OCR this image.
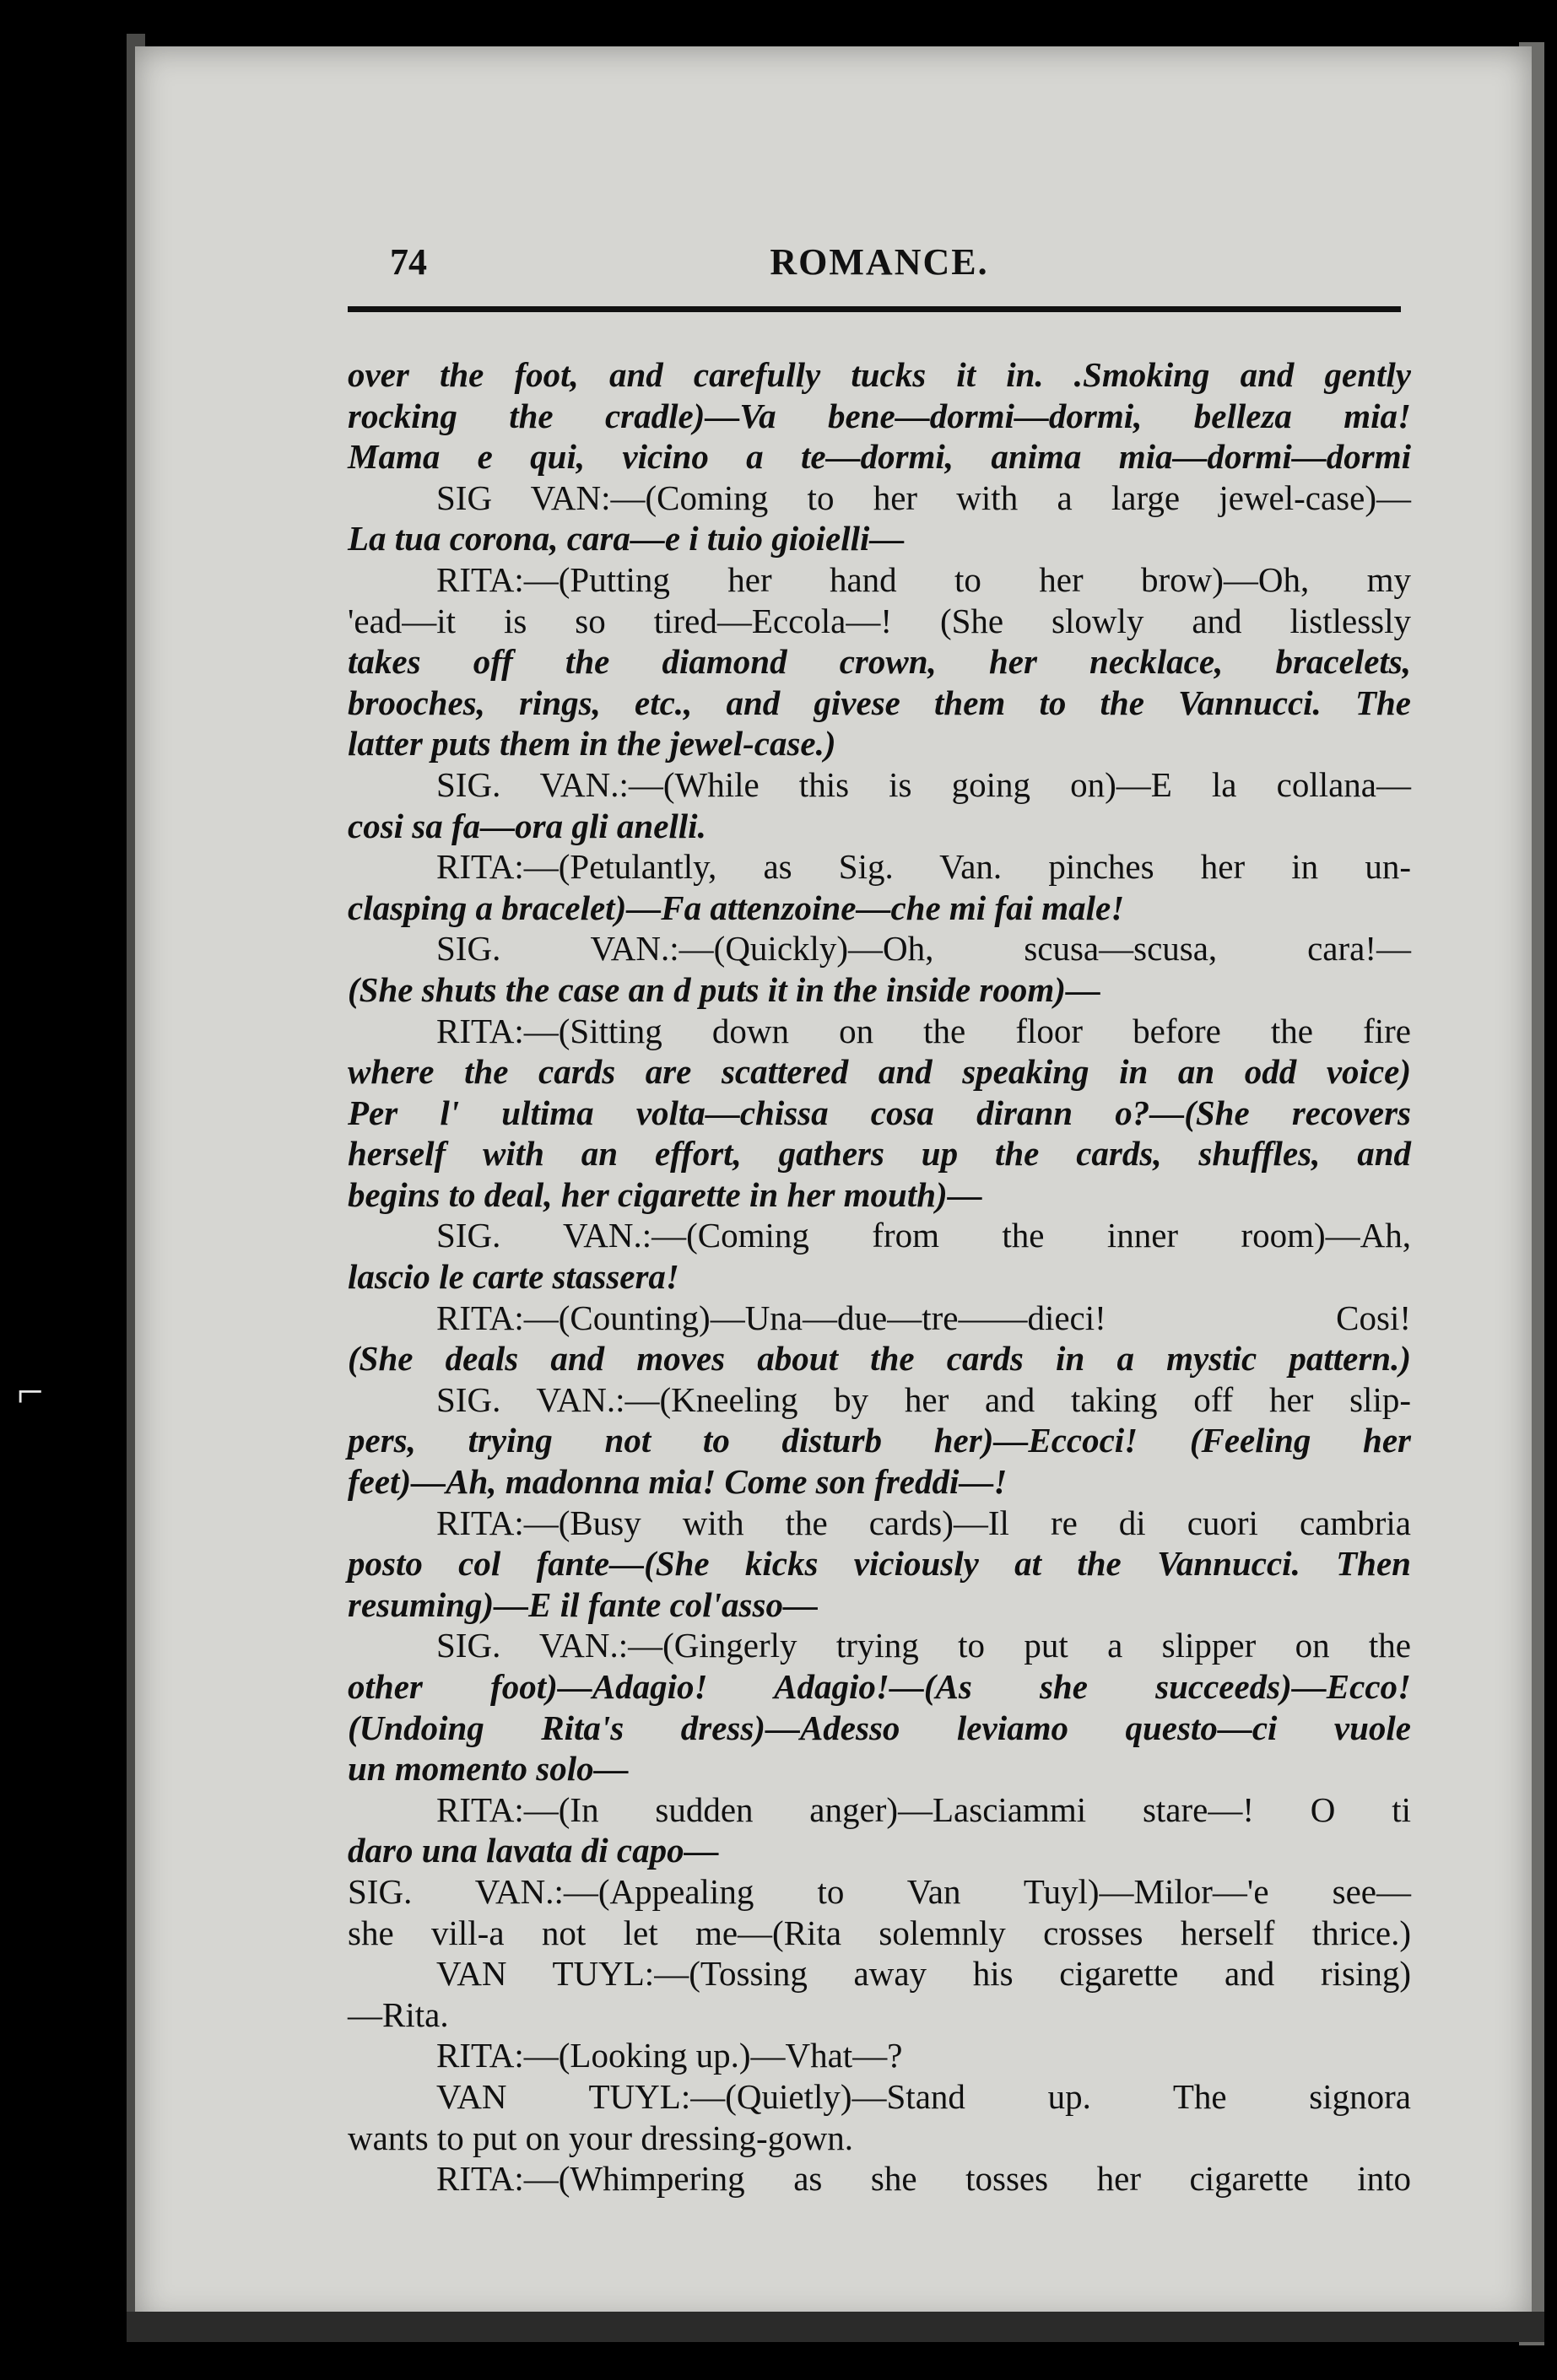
⌐
74	ROMANCE.
over the foot, and carefully tucks it in. .Smoking and gently
rocking the cradle)—Va bene—dormi—dormi, belleza mia!
Mama e qui, vicino a te—dormi, anima mia—dormi—dormi
SIG VAN:—(Coming to her with a large jewel-case)—
La tua corona, cara—e i tuio gioielli—
RITA:—(Putting her hand to her brow)—Oh, my
'ead—it is so tired—Eccola—! (She slowly and listlessly
takes off the diamond crown, her necklace, bracelets,
brooches, rings, etc., and givese them to the Vannucci. The
latter puts them in the jewel-case.)
SIG. VAN.:—(While this is going on)—E la collana—
cosi sa fa—ora gli anelli.
RITA:—(Petulantly, as Sig. Van. pinches her in un-
clasping a bracelet)—Fa attenzoine—che mi fai male!
SIG. VAN.:—(Quickly)—Oh, scusa—scusa, cara!—
(She shuts the case an d puts it in the inside room)—
RITA:—(Sitting down on the floor before the fire
where the cards are scattered and speaking in an odd voice)
Per l' ultima volta—chissa cosa dirann o?—(She recovers
herself with an effort, gathers up the cards, shuffles, and
begins to deal, her cigarette in her mouth)—
SIG. VAN.:—(Coming from the inner room)—Ah,
lascio le carte stassera!
RITA:—(Counting)—Una—due—tre——dieci! Cosi!
(She deals and moves about the cards in a mystic pattern.)
SIG. VAN.:—(Kneeling by her and taking off her slip-
pers, trying not to disturb her)—Eccoci! (Feeling her
feet)—Ah, madonna mia! Come son freddi—!
RITA:—(Busy with the cards)—Il re di cuori cambria
posto col fante—(She kicks viciously at the Vannucci. Then
resuming)—E il fante col'asso—
SIG. VAN.:—(Gingerly trying to put a slipper on the
other foot)—Adagio! Adagio!—(As she succeeds)—Ecco!
(Undoing Rita's dress)—Adesso leviamo questo—ci vuole
un momento solo—
RITA:—(In sudden anger)—Lasciammi stare—! O ti
daro una lavata di capo—
SIG. VAN.:—(Appealing to Van Tuyl)—Milor—'e see—
she vill-a not let me—(Rita solemnly crosses herself thrice.)
VAN TUYL:—(Tossing away his cigarette and rising)
—Rita.
RITA:—(Looking up.)—Vhat—?
VAN TUYL:—(Quietly)—Stand up. The signora
wants to put on your dressing-gown.
RITA:—(Whimpering as she tosses her cigarette into
